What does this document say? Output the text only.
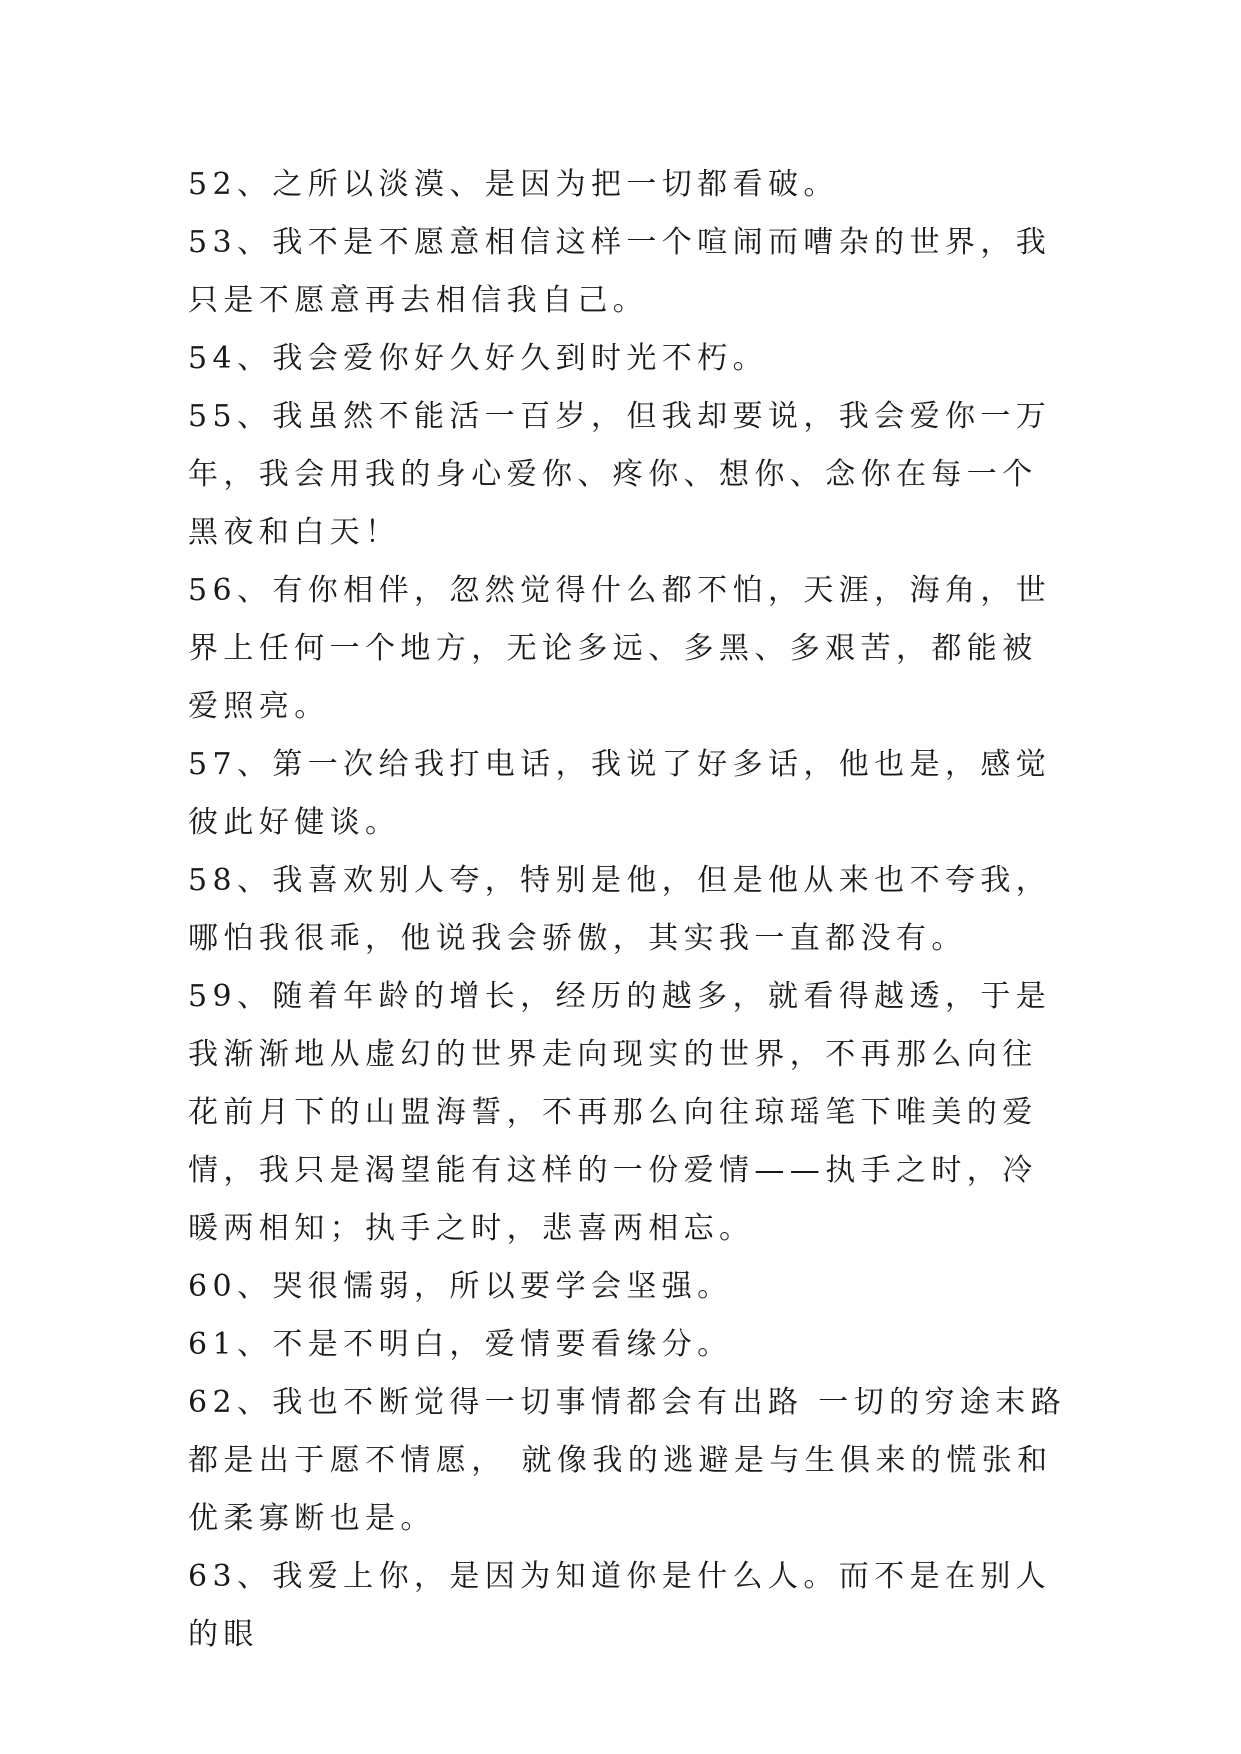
52、之所以淡漠、是因为把一切都看破。

53、我不是不愿意相信这样一个喧闹而嘈杂的世界，我只是不愿意再去相信我自己。

54、我会爱你好久好久到时光不朽。

55、我虽然不能活一百岁，但我却要说，我会爱你一万年，我会用我的身心爱你、疼你、想你、念你在每一个黑夜和白天！

56、有你相伴，忽然觉得什么都不怕，天涯，海角，世界上任何一个地方，无论多远、多黑、多艰苦，都能被爱照亮。

57、第一次给我打电话，我说了好多话，他也是，感觉彼此好健谈。

58、我喜欢别人夸，特别是他，但是他从来也不夸我，哪怕我很乖，他说我会骄傲，其实我一直都没有。

59、随着年龄的增长，经历的越多，就看得越透，于是我渐渐地从虚幻的世界走向现实的世界，不再那么向往花前月下的山盟海誓，不再那么向往琼瑶笔下唯美的爱情，我只是渴望能有这样的一份爱情——执手之时，冷暖两相知；执手之时，悲喜两相忘。

60、哭很懦弱，所以要学会坚强。

61、不是不明白，爱情要看缘分。

62、我也不断觉得一切事情都会有出路 一切的穷途末路都是出于愿不情愿， 就像我的逃避是与生俱来的慌张和优柔寡断也是。

63、我爱上你，是因为知道你是什么人。而不是在别人的眼
